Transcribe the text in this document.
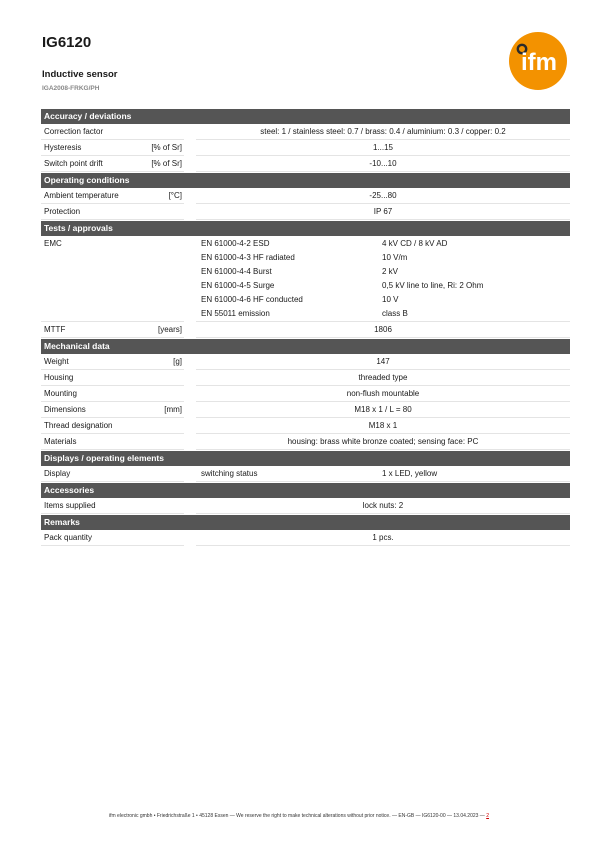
IG6120
Inductive sensor
IGA2008-FRKG/PH
ifm
Accuracy / deviations
Correction factor	steel: 1 / stainless steel: 0.7 / brass: 0.4 / aluminium: 0.3 / copper: 0.2
Hysteresis	[% of Sr]	1...15
Switch point drift	[% of Sr]	-10...10
Operating conditions
Ambient temperature	[°C]	-25...80
Protection	IP 67
Tests / approvals
EMC	EN 61000-4-2 ESD	4 kV CD / 8 kV AD
EN 61000-4-3 HF radiated	10 V/m
EN 61000-4-4 Burst	2 kV
EN 61000-4-5 Surge	0,5 kV line to line, Ri: 2 Ohm
EN 61000-4-6 HF conducted	10 V
EN 55011 emission	class B
MTTF	[years]	1806
Mechanical data
Weight	[g]	147
Housing	threaded type
Mounting	non-flush mountable
Dimensions	[mm]	M18 x 1 / L = 80
Thread designation	M18 x 1
Materials	housing: brass white bronze coated; sensing face: PC
Displays / operating elements
Display	switching status	1 x LED, yellow
Accessories
Items supplied	lock nuts: 2
Remarks
Pack quantity	1 pcs.
ifm electronic gmbh • Friedrichstraße 1 • 45128 Essen — We reserve the right to make technical alterations without prior notice. — EN-GB — IG6120-00 — 13.04.2023 — 2
